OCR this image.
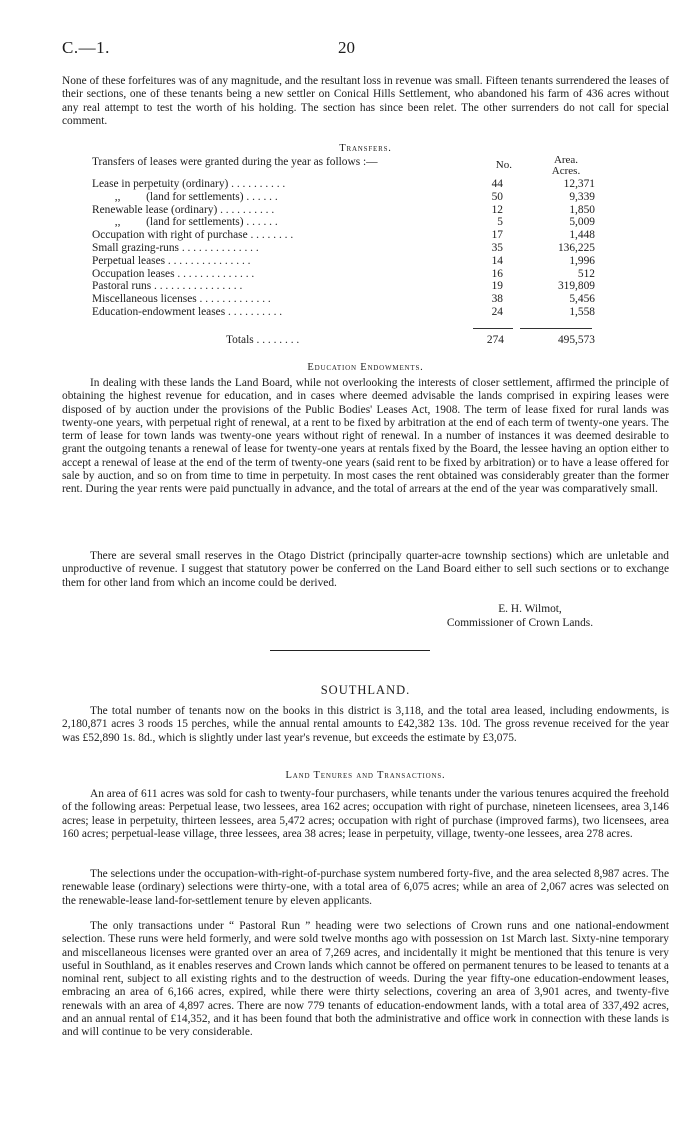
C.—1.	20
None of these forfeitures was of any magnitude, and the resultant loss in revenue was small. Fifteen tenants surrendered the leases of their sections, one of these tenants being a new settler on Conical Hills Settlement, who abandoned his farm of 436 acres without any real attempt to test the worth of his holding. The section has since been relet. The other surrenders do not call for special comment.
Transfers.
Transfers of leases were granted during the year as follows :—	No.	Area.
Acres.
Lease in perpetuity (ordinary) . . . . . . . . . .	44	12,371
,,         (land for settlements) . . . . . .	50	9,339
Renewable lease (ordinary) . . . . . . . . . .	12	1,850
,,         (land for settlements) . . . . . .	5	5,009
Occupation with right of purchase . . . . . . . .	17	1,448
Small grazing-runs . . . . . . . . . . . . . .	35	136,225
Perpetual leases . . . . . . . . . . . . . . .	14	1,996
Occupation leases . . . . . . . . . . . . . .	16	512
Pastoral runs . . . . . . . . . . . . . . . .	19	319,809
Miscellaneous licenses . . . . . . . . . . . . .	38	5,456
Education-endowment leases . . . . . . . . . .	24	1,558
Totals . . . . . . . .	274	495,573
Education Endowments.
In dealing with these lands the Land Board, while not overlooking the interests of closer settlement, affirmed the principle of obtaining the highest revenue for education, and in cases where deemed advisable the lands comprised in expiring leases were disposed of by auction under the provisions of the Public Bodies' Leases Act, 1908. The term of lease fixed for rural lands was twenty-one years, with perpetual right of renewal, at a rent to be fixed by arbitration at the end of each term of twenty-one years. The term of lease for town lands was twenty-one years without right of renewal. In a number of instances it was deemed desirable to grant the outgoing tenants a renewal of lease for twenty-one years at rentals fixed by the Board, the lessee having an option either to accept a renewal of lease at the end of the term of twenty-one years (said rent to be fixed by arbitration) or to have a lease offered for sale by auction, and so on from time to time in perpetuity. In most cases the rent obtained was considerably greater than the former rent. During the year rents were paid punctually in advance, and the total of arrears at the end of the year was comparatively small.
There are several small reserves in the Otago District (principally quarter-acre township sections) which are unletable and unproductive of revenue. I suggest that statutory power be conferred on the Land Board either to sell such sections or to exchange them for other land from which an income could be derived.
E. H. Wilmot,
Commissioner of Crown Lands.
SOUTHLAND.
The total number of tenants now on the books in this district is 3,118, and the total area leased, including endowments, is 2,180,871 acres 3 roods 15 perches, while the annual rental amounts to £42,382 13s. 10d. The gross revenue received for the year was £52,890 1s. 8d., which is slightly under last year's revenue, but exceeds the estimate by £3,075.
Land Tenures and Transactions.
An area of 611 acres was sold for cash to twenty-four purchasers, while tenants under the various tenures acquired the freehold of the following areas: Perpetual lease, two lessees, area 162 acres; occupation with right of purchase, nineteen licensees, area 3,146 acres; lease in perpetuity, thirteen lessees, area 5,472 acres; occupation with right of purchase (improved farms), two licensees, area 160 acres; perpetual-lease village, three lessees, area 38 acres; lease in perpetuity, village, twenty-one lessees, area 278 acres.
The selections under the occupation-with-right-of-purchase system numbered forty-five, and the area selected 8,987 acres. The renewable lease (ordinary) selections were thirty-one, with a total area of 6,075 acres; while an area of 2,067 acres was selected on the renewable-lease land-for-settlement tenure by eleven applicants.
The only transactions under “ Pastoral Run ” heading were two selections of Crown runs and one national-endowment selection. These runs were held formerly, and were sold twelve months ago with possession on 1st March last. Sixty-nine temporary and miscellaneous licenses were granted over an area of 7,269 acres, and incidentally it might be mentioned that this tenure is very useful in Southland, as it enables reserves and Crown lands which cannot be offered on permanent tenures to be leased to tenants at a nominal rent, subject to all existing rights and to the destruction of weeds. During the year fifty-one education-endowment leases, embracing an area of 6,166 acres, expired, while there were thirty selections, covering an area of 3,901 acres, and twenty-five renewals with an area of 4,897 acres. There are now 779 tenants of education-endowment lands, with a total area of 337,492 acres, and an annual rental of £14,352, and it has been found that both the administrative and office work in connection with these lands is and will continue to be very considerable.
